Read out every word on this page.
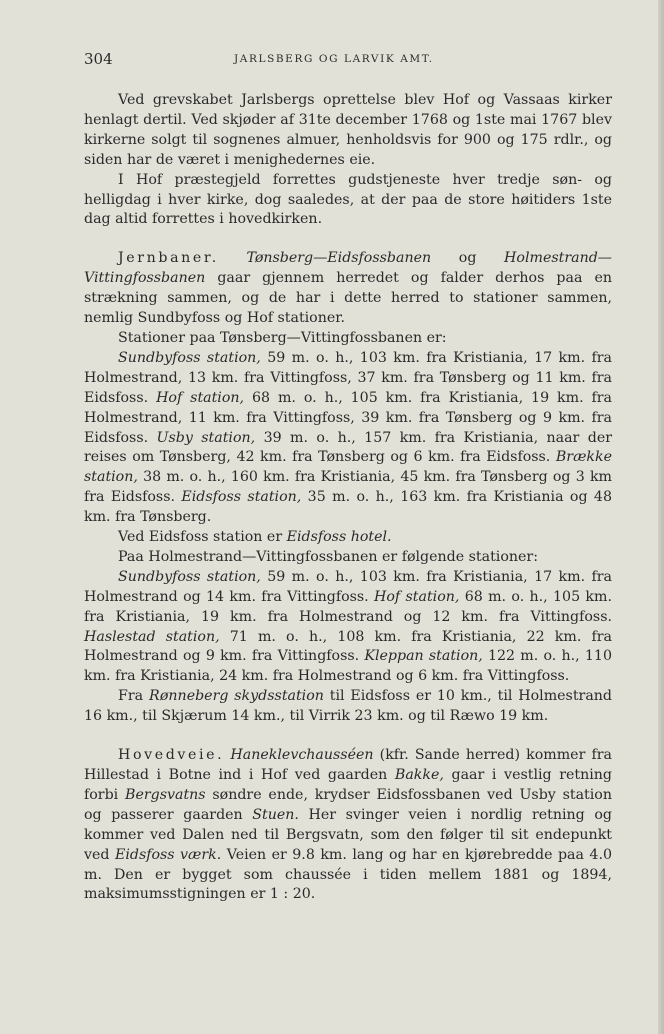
304	JARLSBERG OG LARVIK AMT.

Ved grevskabet Jarlsbergs oprettelse blev Hof og Vassaas kirker henlagt dertil. Ved skjøder af 31te december 1768 og 1ste mai 1767 blev kirkerne solgt til sognenes almuer, henholdsvis for 900 og 175 rdlr., og siden har de været i menighedernes eie.

I Hof præstegjeld forrettes gudstjeneste hver tredje søn- og helligdag i hver kirke, dog saaledes, at der paa de store høitiders 1ste dag altid forrettes i hovedkirken.

Jernbaner. Tønsberg—Eidsfossbanen og Holmestrand—Vittingfossbanen gaar gjennem herredet og falder derhos paa en strækning sammen, og de har i dette herred to stationer sammen, nemlig Sundbyfoss og Hof stationer.

Stationer paa Tønsberg—Vittingfossbanen er:

Sundbyfoss station, 59 m. o. h., 103 km. fra Kristiania, 17 km. fra Holmestrand, 13 km. fra Vittingfoss, 37 km. fra Tønsberg og 11 km. fra Eidsfoss. Hof station, 68 m. o. h., 105 km. fra Kristiania, 19 km. fra Holmestrand, 11 km. fra Vittingfoss, 39 km. fra Tønsberg og 9 km. fra Eidsfoss. Usby station, 39 m. o. h., 157 km. fra Kristiania, naar der reises om Tønsberg, 42 km. fra Tønsberg og 6 km. fra Eidsfoss. Brække station, 38 m. o. h., 160 km. fra Kristiania, 45 km. fra Tønsberg og 3 km fra Eidsfoss. Eidsfoss station, 35 m. o. h., 163 km. fra Kristiania og 48 km. fra Tønsberg.

Ved Eidsfoss station er Eidsfoss hotel.

Paa Holmestrand—Vittingfossbanen er følgende stationer:

Sundbyfoss station, 59 m. o. h., 103 km. fra Kristiania, 17 km. fra Holmestrand og 14 km. fra Vittingfoss. Hof station, 68 m. o. h., 105 km. fra Kristiania, 19 km. fra Holmestrand og 12 km. fra Vittingfoss. Haslestad station, 71 m. o. h., 108 km. fra Kristiania, 22 km. fra Holmestrand og 9 km. fra Vittingfoss. Kleppan station, 122 m. o. h., 110 km. fra Kristiania, 24 km. fra Holmestrand og 6 km. fra Vittingfoss.

Fra Rønneberg skydsstation til Eidsfoss er 10 km., til Holmestrand 16 km., til Skjærum 14 km., til Virrik 23 km. og til Ræwo 19 km.

Hovedveie. Haneklevchausséen (kfr. Sande herred) kommer fra Hillestad i Botne ind i Hof ved gaarden Bakke, gaar i vestlig retning forbi Bergsvatns søndre ende, krydser Eidsfossbanen ved Usby station og passerer gaarden Stuen. Her svinger veien i nordlig retning og kommer ved Dalen ned til Bergsvatn, som den følger til sit endepunkt ved Eidsfoss værk. Veien er 9.8 km. lang og har en kjørebredde paa 4.0 m. Den er bygget som chaussée i tiden mellem 1881 og 1894, maksimumsstigningen er 1 : 20.
